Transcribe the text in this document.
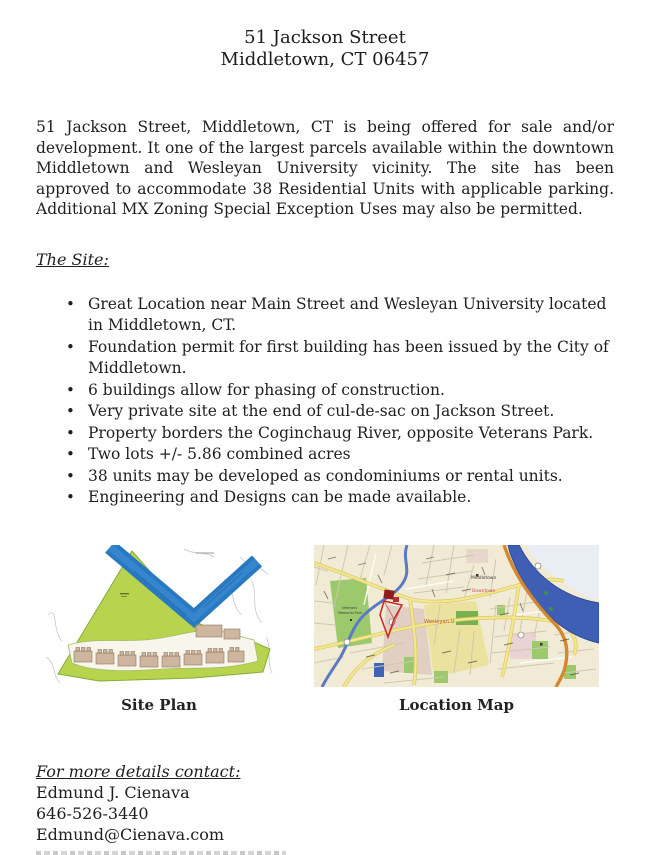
51 Jackson Street
Middletown, CT 06457

51 Jackson Street, Middletown, CT is being offered for sale and/or development. It one of the largest parcels available within the downtown Middletown and Wesleyan University vicinity. The site has been approved to accommodate 38 Residential Units with applicable parking. Additional MX Zoning Special Exception Uses may also be permitted.

The Site:
• Great Location near Main Street and Wesleyan University located in Middletown, CT.
• Foundation permit for first building has been issued by the City of Middletown.
• 6 buildings allow for phasing of construction.
• Very private site at the end of cul-de-sac on Jackson Street.
• Property borders the Coginchaug River, opposite Veterans Park.
• Two lots +/- 5.86 combined acres
• 38 units may be developed as condominiums or rental units.
• Engineering and Designs can be made available.
Site Plan
Middletown
Downtown
Wesleyan U
Veterans
Memorial Park
Location Map
For more details contact:
Edmund J. Cienava
646-526-3440
Edmund@Cienava.com
